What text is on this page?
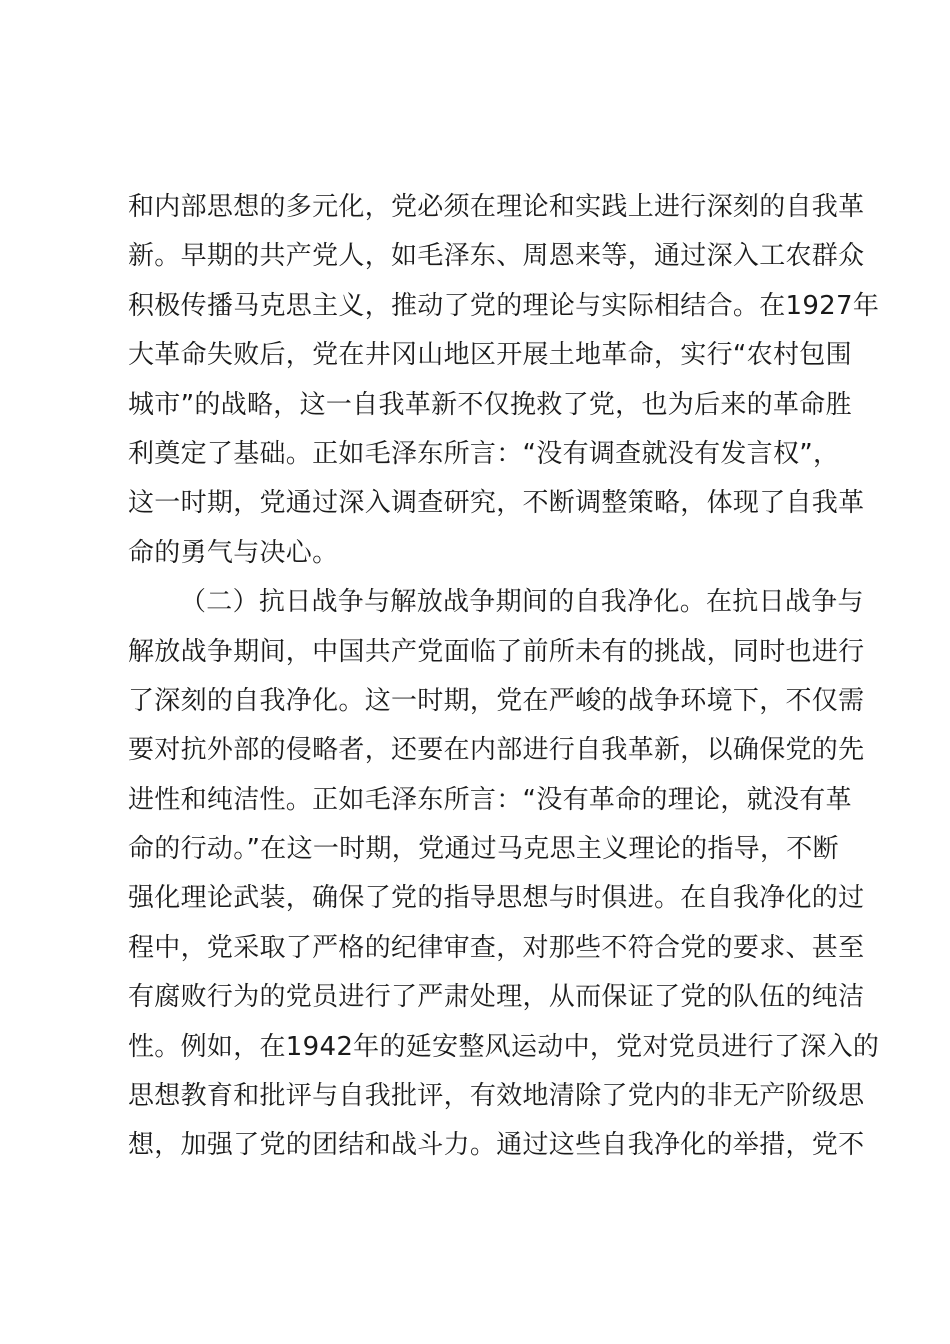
和内部思想的多元化，党必须在理论和实践上进行深刻的自我革
新。早期的共产党人，如毛泽东、周恩来等，通过深入工农群众
积极传播马克思主义，推动了党的理论与实际相结合。在1927年
大革命失败后，党在井冈山地区开展土地革命，实行“农村包围
城市”的战略，这一自我革新不仅挽救了党，也为后来的革命胜
利奠定了基础。正如毛泽东所言：“没有调查就没有发言权”，
这一时期，党通过深入调查研究，不断调整策略，体现了自我革
命的勇气与决心。
（二）抗日战争与解放战争期间的自我净化。在抗日战争与
解放战争期间，中国共产党面临了前所未有的挑战，同时也进行
了深刻的自我净化。这一时期，党在严峻的战争环境下，不仅需
要对抗外部的侵略者，还要在内部进行自我革新，以确保党的先
进性和纯洁性。正如毛泽东所言：“没有革命的理论，就没有革
命的行动。”在这一时期，党通过马克思主义理论的指导，不断
强化理论武装，确保了党的指导思想与时俱进。在自我净化的过
程中，党采取了严格的纪律审查，对那些不符合党的要求、甚至
有腐败行为的党员进行了严肃处理，从而保证了党的队伍的纯洁
性。例如，在1942年的延安整风运动中，党对党员进行了深入的
思想教育和批评与自我批评，有效地清除了党内的非无产阶级思
想，加强了党的团结和战斗力。通过这些自我净化的举措，党不
